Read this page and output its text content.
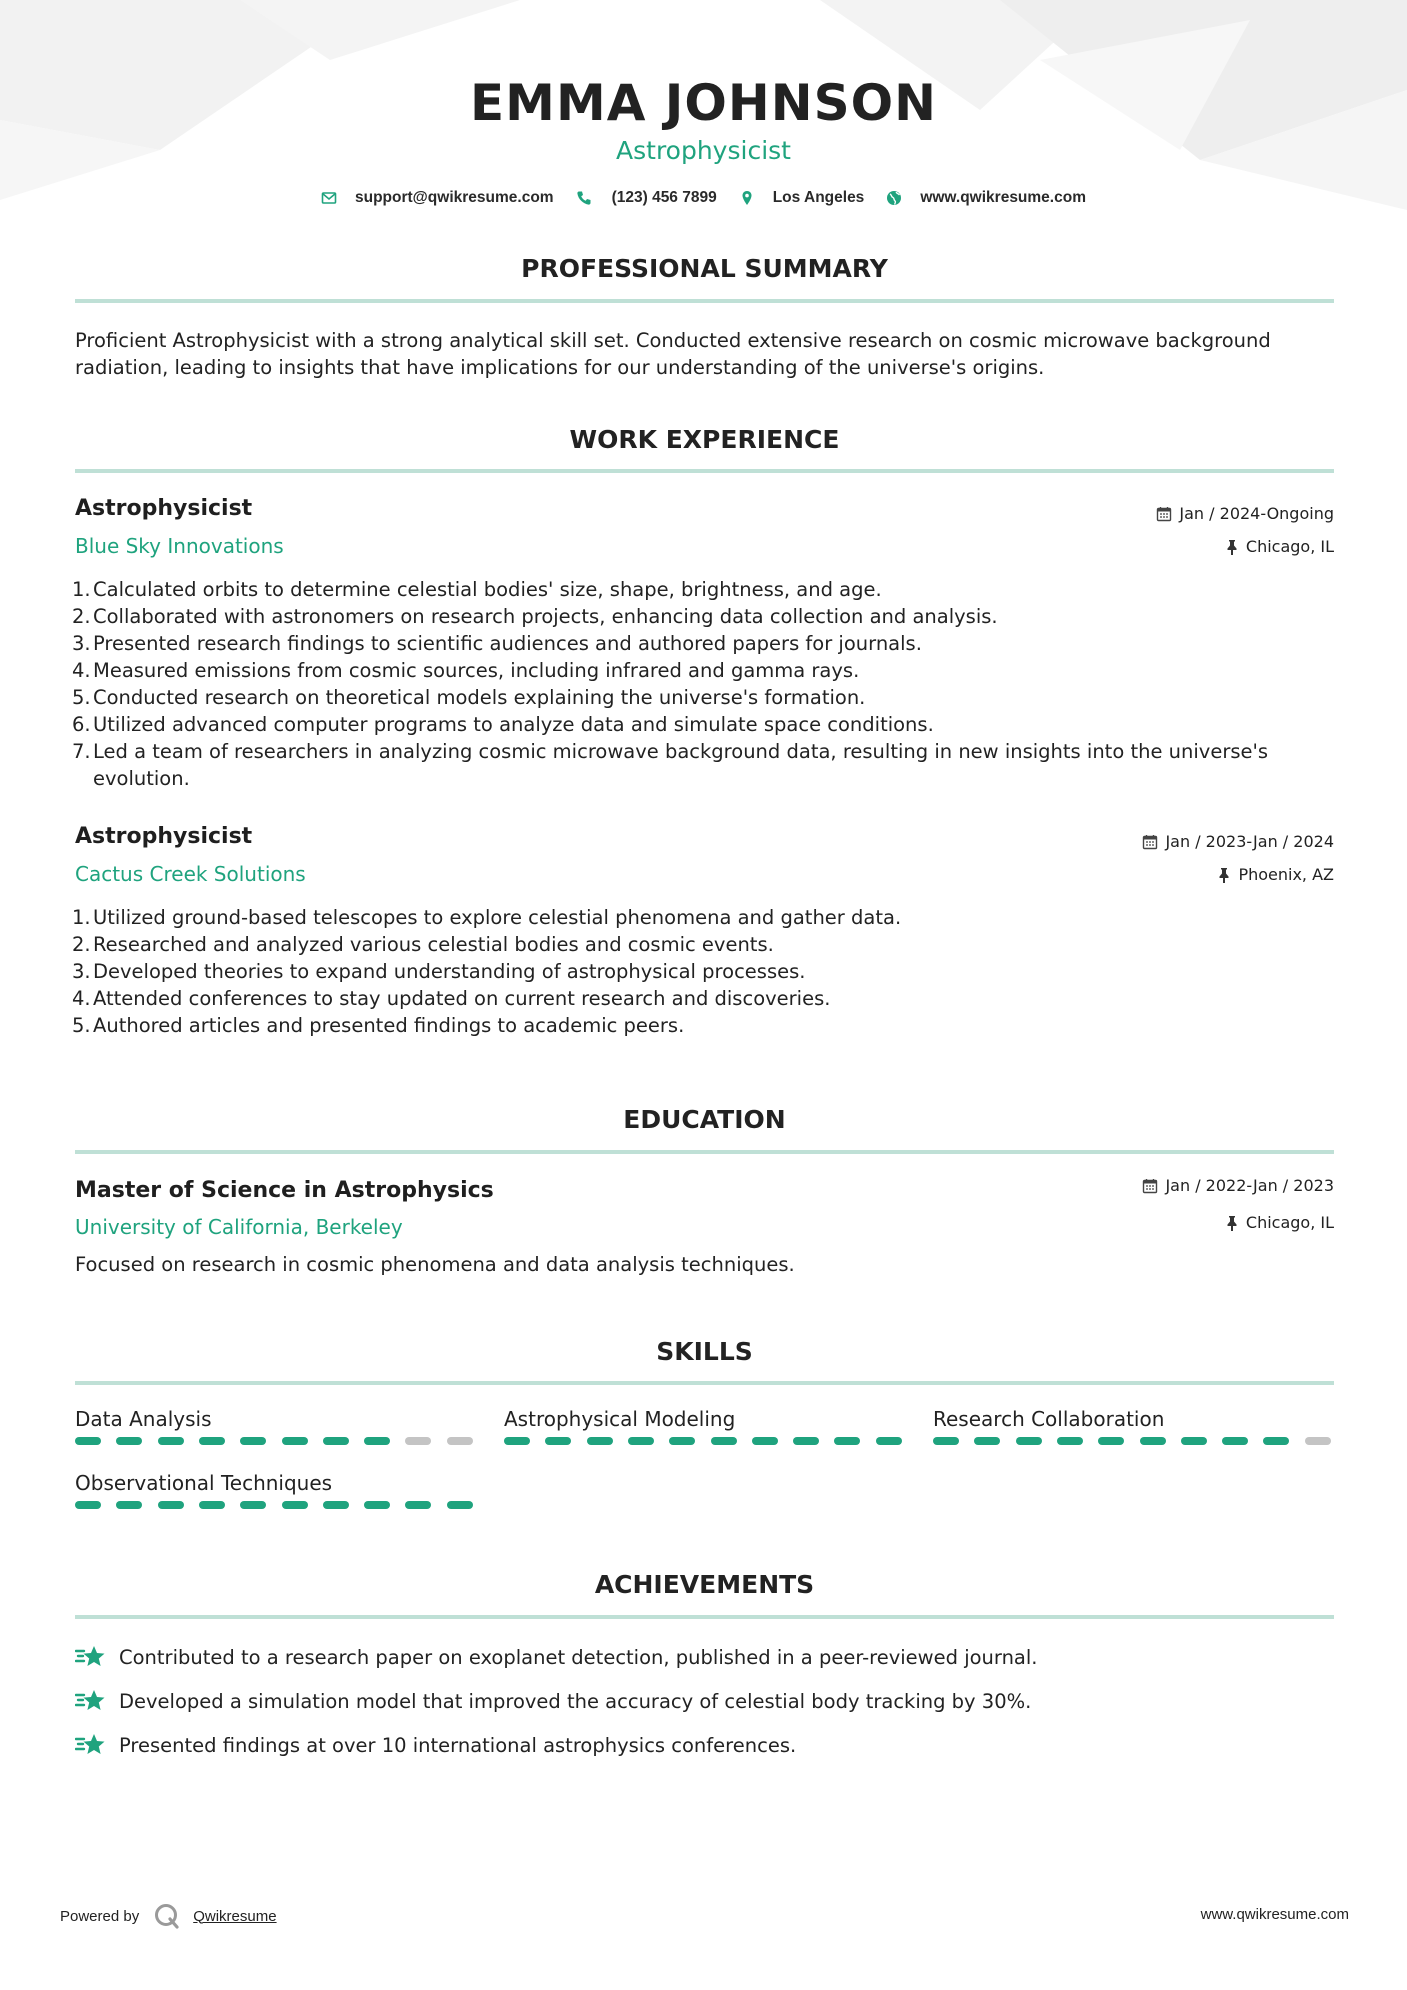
EMMA JOHNSON
Astrophysicist
support@qwikresume.com	(123) 456 7899	Los Angeles	www.qwikresume.com
PROFESSIONAL SUMMARY
Proficient Astrophysicist with a strong analytical skill set. Conducted extensive research on cosmic microwave background radiation, leading to insights that have implications for our understanding of the universe's origins.
WORK EXPERIENCE
Astrophysicist	Jan / 2024-Ongoing
Blue Sky Innovations	Chicago, IL
1. Calculated orbits to determine celestial bodies' size, shape, brightness, and age.
2. Collaborated with astronomers on research projects, enhancing data collection and analysis.
3. Presented research findings to scientific audiences and authored papers for journals.
4. Measured emissions from cosmic sources, including infrared and gamma rays.
5. Conducted research on theoretical models explaining the universe's formation.
6. Utilized advanced computer programs to analyze data and simulate space conditions.
7. Led a team of researchers in analyzing cosmic microwave background data, resulting in new insights into the universe's evolution.
Astrophysicist	Jan / 2023-Jan / 2024
Cactus Creek Solutions	Phoenix, AZ
1. Utilized ground-based telescopes to explore celestial phenomena and gather data.
2. Researched and analyzed various celestial bodies and cosmic events.
3. Developed theories to expand understanding of astrophysical processes.
4. Attended conferences to stay updated on current research and discoveries.
5. Authored articles and presented findings to academic peers.
EDUCATION
Master of Science in Astrophysics	Jan / 2022-Jan / 2023
University of California, Berkeley	Chicago, IL
Focused on research in cosmic phenomena and data analysis techniques.
SKILLS
Data Analysis	Astrophysical Modeling	Research Collaboration
Observational Techniques
ACHIEVEMENTS
Contributed to a research paper on exoplanet detection, published in a peer-reviewed journal.
Developed a simulation model that improved the accuracy of celestial body tracking by 30%.
Presented findings at over 10 international astrophysics conferences.
Powered by	Qwikresume	www.qwikresume.com
